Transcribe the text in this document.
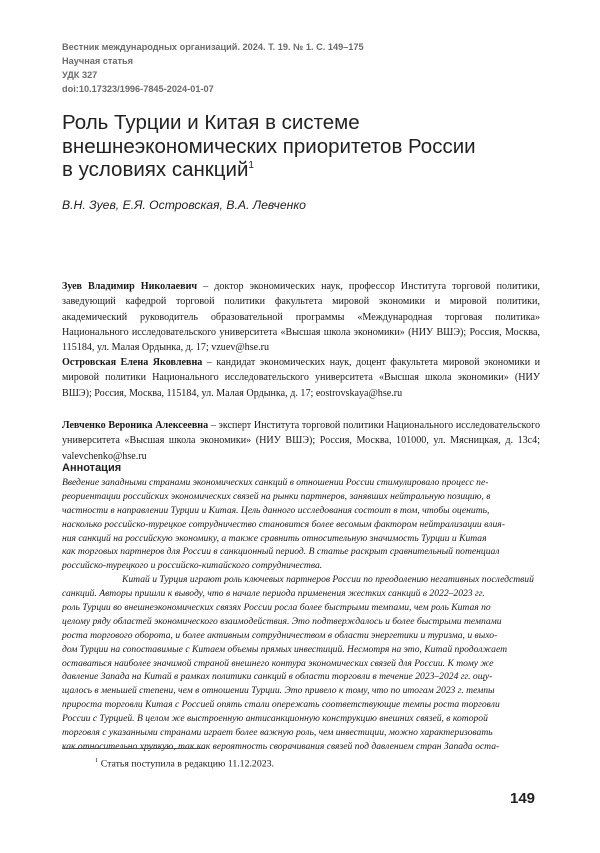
Вестник международных организаций. 2024. Т. 19. № 1. С. 149–175
Научная статья
УДК 327
doi:10.17323/1996-7845-2024-01-07
Роль Турции и Китая в системе
внешнеэкономических приоритетов России
в условиях санкций$^1$
В.Н. Зуев, Е.Я. Островская, В.А. Левченко
Зуев Владимир Николаевич – доктор экономических наук, профессор Института торговой политики, заведующий кафедрой торговой политики факультета мировой экономики и мировой политики, академический руководитель образовательной программы «Международная торговая политика» Национального исследовательского университета «Высшая школа экономики» (НИУ ВШЭ); Россия, Москва, 115184, ул. Малая Ордынка, д. 17; vzuev@hse.ru
Островская Елена Яковлевна – кандидат экономических наук, доцент факультета мировой экономики и мировой политики Национального исследовательского университета «Высшая школа экономики» (НИУ ВШЭ); Россия, Москва, 115184, ул. Малая Ордынка, д. 17; eostrovskaya@hse.ru
Левченко Вероника Алексеевна – эксперт Института торговой политики Национального исследовательского университета «Высшая школа экономики» (НИУ ВШЭ); Россия, Москва, 101000, ул. Мясницкая, д. 13с4; valevchenko@hse.ru
Аннотация
Введение западными странами экономических санкций в отношении России стимулировало процесс пе-
реориентации российских экономических связей на рынки партнеров, занявших нейтральную позицию, в
частности в направлении Турции и Китая. Цель данного исследования состоит в том, чтобы оценить,
насколько российско-турецкое сотрудничество становится более весомым фактором нейтрализации влия-
ния санкций на российскую экономику, а также сравнить относительную значимость Турции и Китая
как торговых партнеров для России в санкционный период. В статье раскрыт сравнительный потенциал
российско-турецкого и российско-китайского сотрудничества.
Китай и Турция играют роль ключевых партнеров России по преодолению негативных последствий
санкций. Авторы пришли к выводу, что в начале периода применения жестких санкций в 2022–2023 гг.
роль Турции во внешнеэкономических связях России росла более быстрыми темпами, чем роль Китая по
целому ряду областей экономического взаимодействия. Это подтверждалось и более быстрыми темпами
роста торгового оборота, и более активным сотрудничеством в области энергетики и туризма, и выхо-
дом Турции на сопоставимые с Китаем объемы прямых инвестиций. Несмотря на это, Китай продолжает
оставаться наиболее значимой страной внешнего контура экономических связей для России. К тому же
давление Запада на Китай в рамках политики санкций в области торговли в течение 2023–2024 гг. ощу-
щалось в меньшей степени, чем в отношении Турции. Это привело к тому, что по итогам 2023 г. темпы
прироста торговли Китая с Россией опять стали опережать соответствующие темпы роста торговли
России с Турцией. В целом же выстроенную антисанкционную конструкцию внешних связей, в которой
торговля с указанными странами играет более важную роль, чем инвестиции, можно характеризовать
как относительно хрупкую, так как вероятность сворачивания связей под давлением стран Запада оста-
$^1$ Статья поступила в редакцию 11.12.2023.
149
